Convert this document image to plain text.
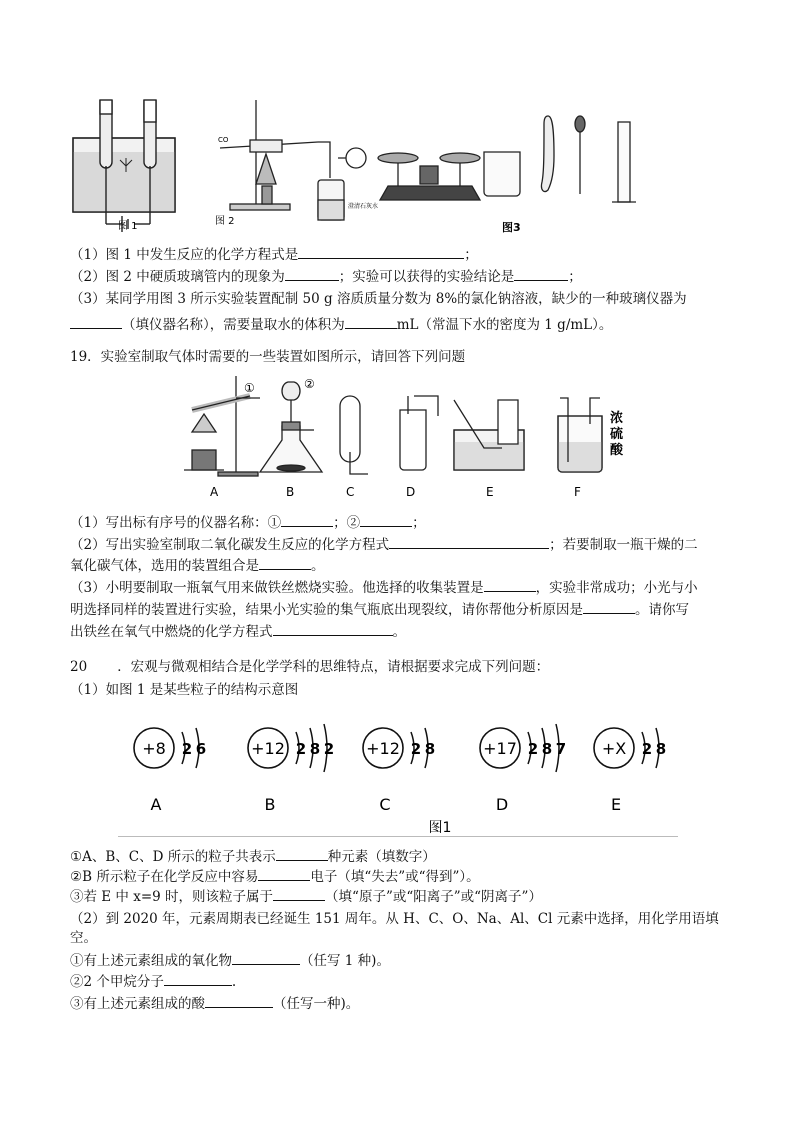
图 1
CO
澄清石灰水
图 2	图3
（1）图 1 中发生反应的化学方程式是	；
（2）图 2 中硬质玻璃管内的现象为	；实验可以获得的实验结论是	；
（3）某同学用图 3 所示实验装置配制 50 g 溶质质量分数为 8%的氯化钠溶液，缺少的一种玻璃仪器为
（填仪器名称），需要量取水的体积为	mL（常温下水的密度为 1 g/mL）。
19．实验室制取气体时需要的一些装置如图所示，请回答下列问题
①	②
A	B	C	D	E	F
浓
硫
酸
（1）写出标有序号的仪器名称：①	；②	；
（2）写出实验室制取二氧化碳发生反应的化学方程式	；若要制取一瓶干燥的二
氧化碳气体，选用的装置组合是	。
（3）小明要制取一瓶氧气用来做铁丝燃烧实验。他选择的收集装置是	，实验非常成功；小光与小
明选择同样的装置进行实验，结果小光实验的集气瓶底出现裂纹，请你帮他分析原因是	。请你写
出铁丝在氧气中燃烧的化学方程式	。
20 ．宏观与微观相结合是化学学科的思维特点，请根据要求完成下列问题：
（1）如图 1 是某些粒子的结构示意图
+8 2 6
A
+12 2 8 2
B
+12 2 8
C
+17 2 8 7
D
+X 2 8
E
图1
①A、B、C、D 所示的粒子共表示	种元素（填数字）
②B 所示粒子在化学反应中容易	电子（填“失去”或“得到”）。
③若 E 中 x=9 时，则该粒子属于	（填“原子”或“阳离子”或“阴离子”）
（2）到 2020 年，元素周期表已经诞生 151 周年。从 H、C、O、Na、Al、Cl 元素中选择，用化学用语填
空。
①有上述元素组成的氧化物	（任写 1 种)。
②2 个甲烷分子	.
③有上述元素组成的酸	（任写一种)。
